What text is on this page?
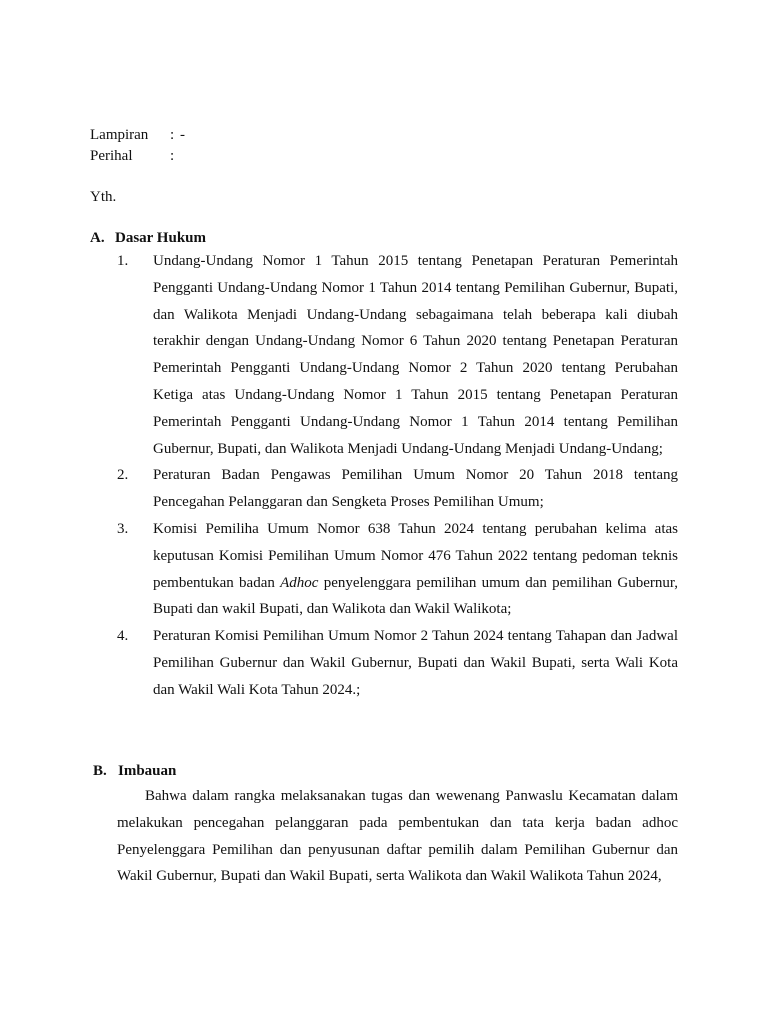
Lampiran : -
Perihal	:
Yth.
A. Dasar Hukum
1. Undang-Undang Nomor 1 Tahun 2015 tentang Penetapan Peraturan Pemerintah Pengganti Undang-Undang Nomor 1 Tahun 2014 tentang Pemilihan Gubernur, Bupati, dan Walikota Menjadi Undang-Undang sebagaimana telah beberapa kali diubah terakhir dengan Undang-Undang Nomor 6 Tahun 2020 tentang Penetapan Peraturan Pemerintah Pengganti Undang-Undang Nomor 2 Tahun 2020 tentang Perubahan Ketiga atas Undang-Undang Nomor 1 Tahun 2015 tentang Penetapan Peraturan Pemerintah Pengganti Undang-Undang Nomor 1 Tahun 2014 tentang Pemilihan Gubernur, Bupati, dan Walikota Menjadi Undang-Undang Menjadi Undang-Undang;
2. Peraturan Badan Pengawas Pemilihan Umum Nomor 20 Tahun 2018 tentang Pencegahan Pelanggaran dan Sengketa Proses Pemilihan Umum;
3. Komisi Pemiliha Umum Nomor 638 Tahun 2024 tentang perubahan kelima atas keputusan Komisi Pemilihan Umum Nomor 476 Tahun 2022 tentang pedoman teknis pembentukan badan Adhoc penyelenggara pemilihan umum dan pemilihan Gubernur, Bupati dan wakil Bupati, dan Walikota dan Wakil Walikota;
4. Peraturan Komisi Pemilihan Umum Nomor 2 Tahun 2024 tentang Tahapan dan Jadwal Pemilihan Gubernur dan Wakil Gubernur, Bupati dan Wakil Bupati, serta Wali Kota dan Wakil Wali Kota Tahun 2024.;
B. Imbauan

Bahwa dalam rangka melaksanakan tugas dan wewenang Panwaslu Kecamatan dalam melakukan pencegahan pelanggaran pada pembentukan dan tata kerja badan adhoc Penyelenggara Pemilihan dan penyusunan daftar pemilih dalam Pemilihan Gubernur dan Wakil Gubernur, Bupati dan Wakil Bupati, serta Walikota dan Wakil Walikota Tahun 2024,
